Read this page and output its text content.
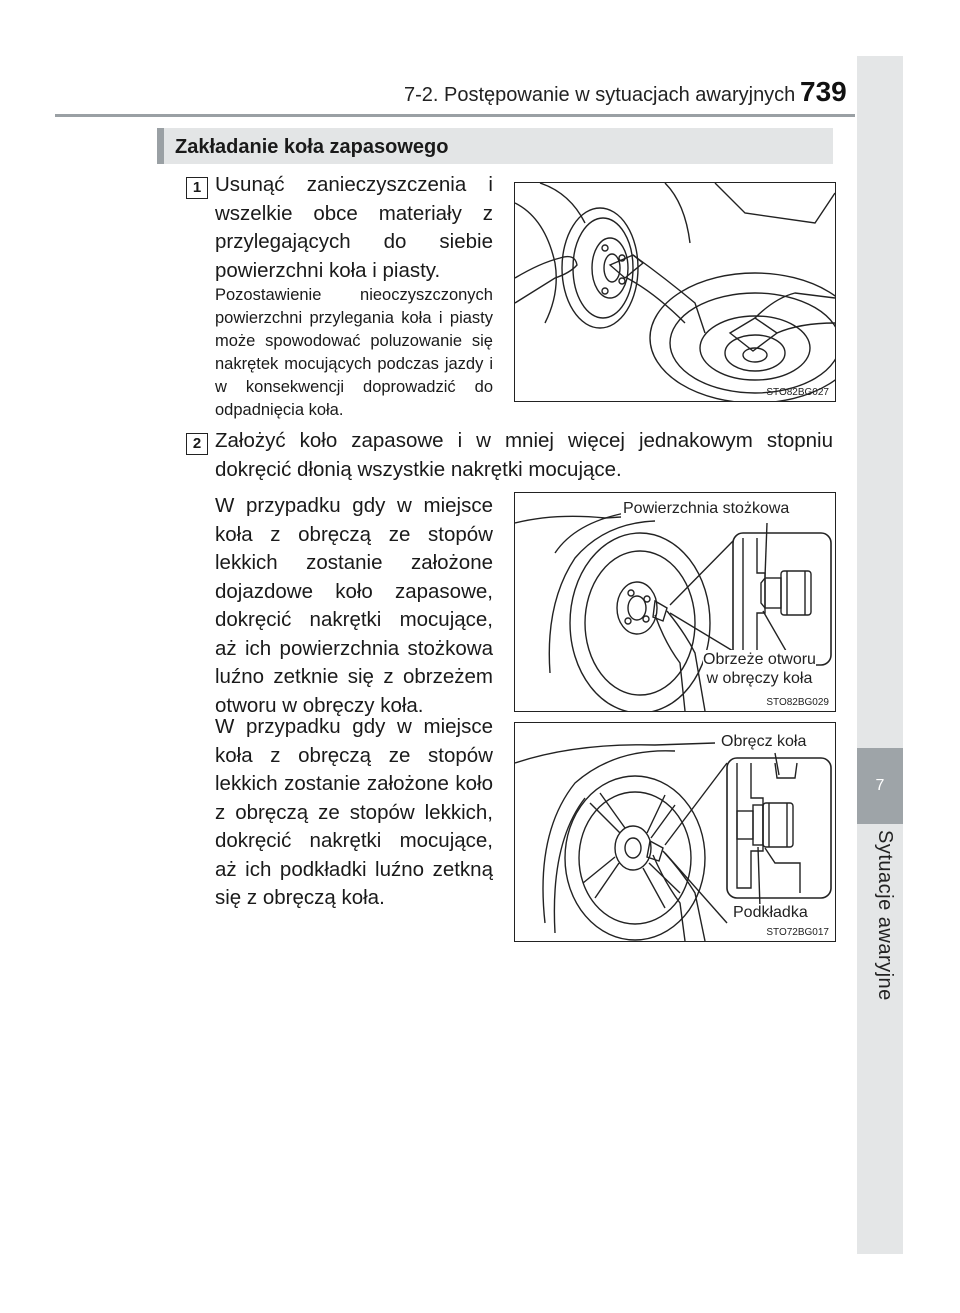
7-2. Postępowanie w sytuacjach awaryjnych 739
7
Sytuacje awaryjne
Zakładanie koła zapasowego
1 Usunąć zanieczyszczenia i wszelkie obce materiały z przylegających do siebie powierzchni koła i piasty.
Pozostawienie nieoczyszczonych powierzchni przylegania koła i piasty może spowodować poluzowanie się nakrętek mocujących podczas jazdy i w konsekwencji doprowadzić do odpadnięcia koła.
STO82BG027
2 Założyć koło zapasowe i w mniej więcej jednakowym stopniu dokręcić dłonią wszystkie nakrętki mocujące.
W przypadku gdy w miejsce koła z obręczą ze stopów lekkich zostanie założone dojazdowe koło zapasowe, dokręcić nakrętki mocujące, aż ich powierzchnia stożkowa luźno zetknie się z obrzeżem otworu w obręczy koła.
W przypadku gdy w miejsce koła z obręczą ze stopów lekkich zostanie założone koło z obręczą ze stopów lekkich, dokręcić nakrętki mocujące, aż ich podkładki luźno zetkną się z obręczą koła.
Powierzchnia stożkowa
Obrzeże otworu
w obręczy koła
STO82BG029
Obręcz koła
Podkładka
STO72BG017
